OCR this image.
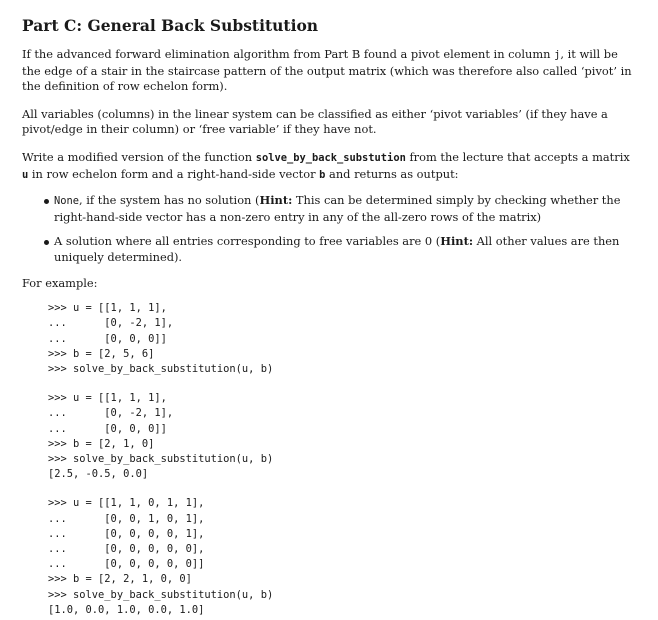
Part C: General Back Substitution

If the advanced forward elimination algorithm from Part B found a pivot element in column j, it will be the edge of a stair in the staircase pattern of the output matrix (which was therefore also called ‘pivot’ in the definition of row echelon form).

All variables (columns) in the linear system can be classified as either ‘pivot variables’ (if they have a pivot/edge in their column) or ‘free variable’ if they have not.

Write a modified version of the function solve_by_back_substution from the lecture that accepts a matrix u in row echelon form and a right-hand-side vector b and returns as output:

None, if the system has no solution (Hint: This can be determined simply by checking whether the right-hand-side vector has a non-zero entry in any of the all-zero rows of the matrix)
A solution where all entries corresponding to free variables are 0 (Hint: All other values are then uniquely determined).

For example:

>>> u = [[1, 1, 1],
...      [0, -2, 1],
...      [0, 0, 0]]
>>> b = [2, 5, 6]
>>> solve_by_back_substitution(u, b)
>>> u = [[1, 1, 1],
...      [0, -2, 1],
...      [0, 0, 0]]
>>> b = [2, 1, 0]
>>> solve_by_back_substitution(u, b)
[2.5, -0.5, 0.0]
>>> u = [[1, 1, 0, 1, 1],
...      [0, 0, 1, 0, 1],
...      [0, 0, 0, 0, 1],
...      [0, 0, 0, 0, 0],
...      [0, 0, 0, 0, 0]]
>>> b = [2, 2, 1, 0, 0]
>>> solve_by_back_substitution(u, b)
[1.0, 0.0, 1.0, 0.0, 1.0]
